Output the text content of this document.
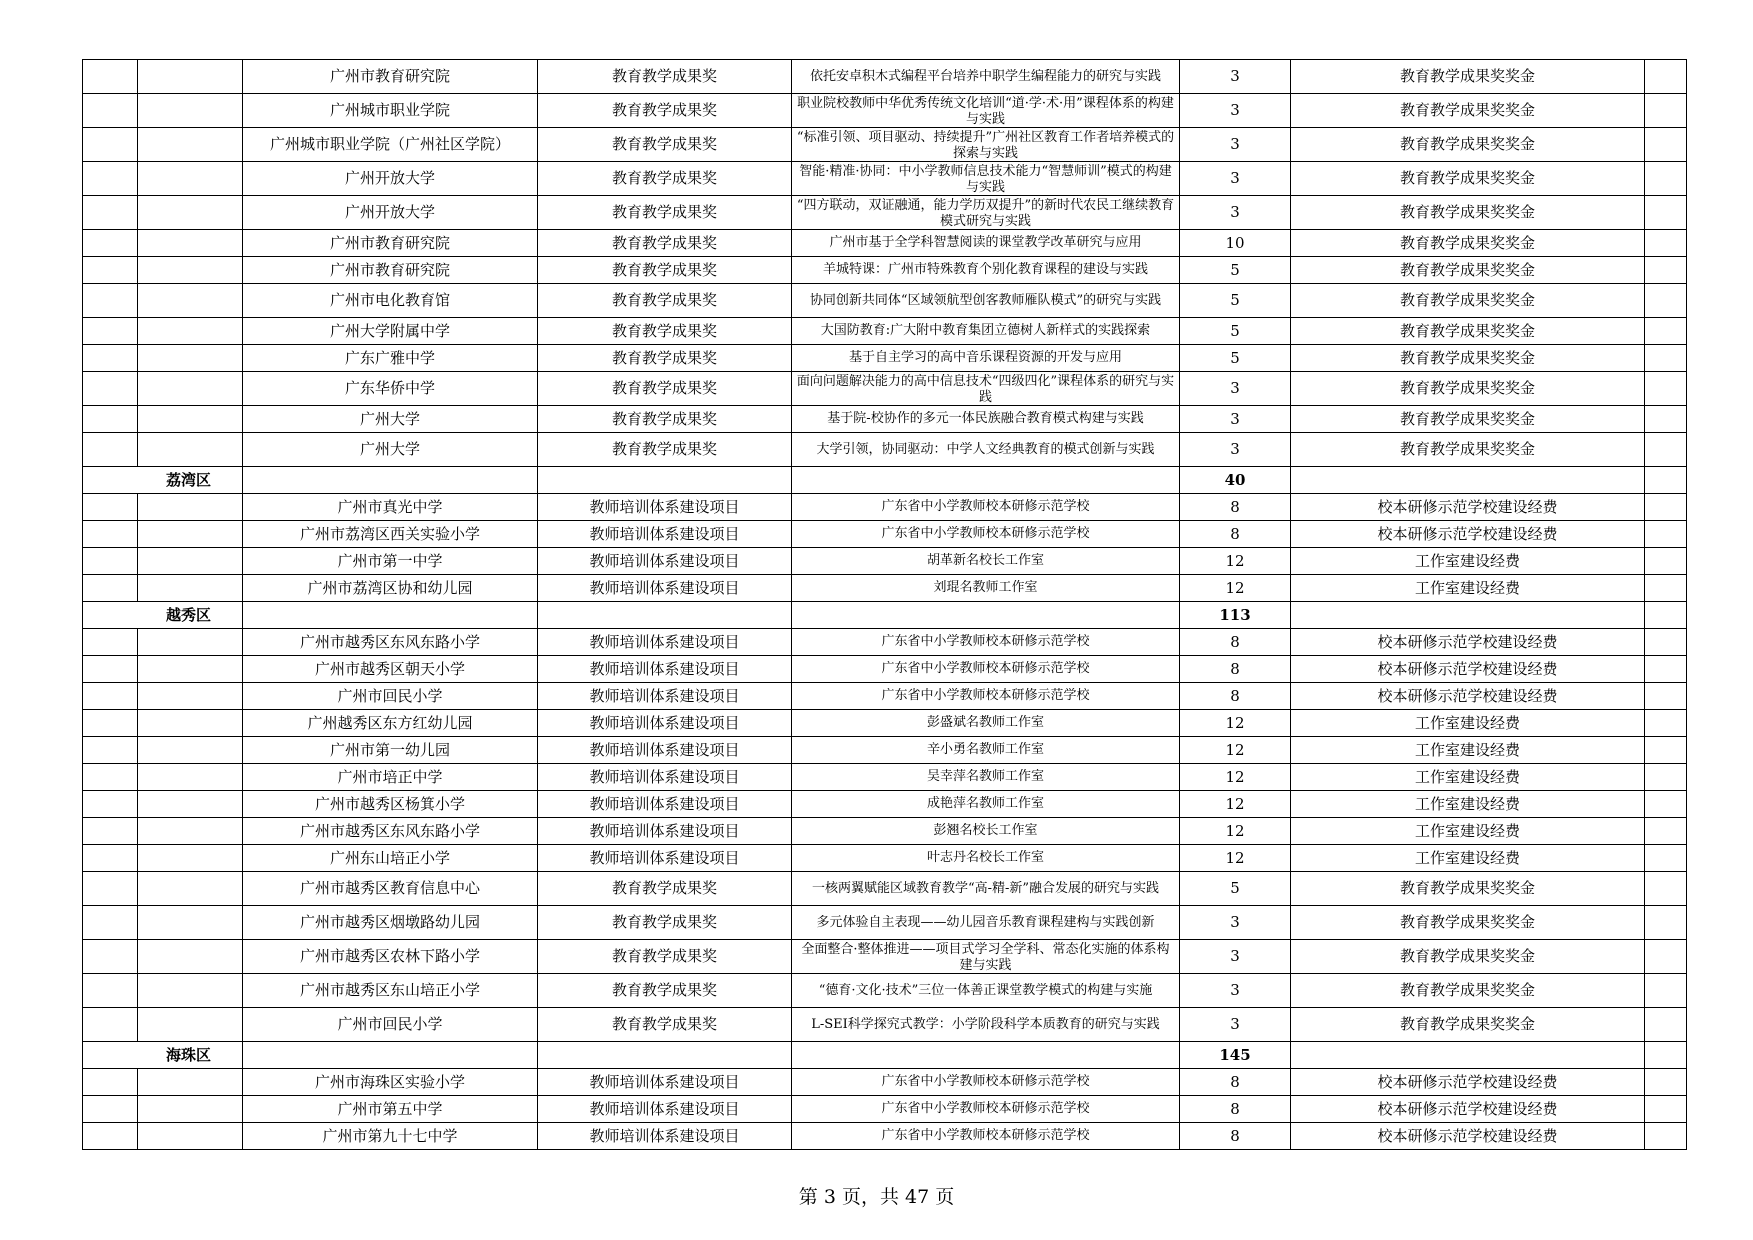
		广州市教育研究院	教育教学成果奖	依托安卓积木式编程平台培养中职学生编程能力的研究与实践	3	教育教学成果奖奖金	
		广州城市职业学院	教育教学成果奖	职业院校教师中华优秀传统文化培训“道·学·术·用”课程体系的构建与实践	3	教育教学成果奖奖金	
		广州城市职业学院（广州社区学院）	教育教学成果奖	“标准引领、项目驱动、持续提升”广州社区教育工作者培养模式的探索与实践	3	教育教学成果奖奖金	
		广州开放大学	教育教学成果奖	智能·精准·协同：中小学教师信息技术能力“智慧师训”模式的构建与实践	3	教育教学成果奖奖金	
		广州开放大学	教育教学成果奖	“四方联动，双证融通，能力学历双提升”的新时代农民工继续教育模式研究与实践	3	教育教学成果奖奖金	
		广州市教育研究院	教育教学成果奖	广州市基于全学科智慧阅读的课堂教学改革研究与应用	10	教育教学成果奖奖金	
		广州市教育研究院	教育教学成果奖	羊城特课：广州市特殊教育个别化教育课程的建设与实践	5	教育教学成果奖奖金	
		广州市电化教育馆	教育教学成果奖	协同创新共同体“区域领航型创客教师雁队模式”的研究与实践	5	教育教学成果奖奖金	
		广州大学附属中学	教育教学成果奖	大国防教育:广大附中教育集团立德树人新样式的实践探索	5	教育教学成果奖奖金	
		广东广雅中学	教育教学成果奖	基于自主学习的高中音乐课程资源的开发与应用	5	教育教学成果奖奖金	
		广东华侨中学	教育教学成果奖	面向问题解决能力的高中信息技术“四级四化”课程体系的研究与实践	3	教育教学成果奖奖金	
		广州大学	教育教学成果奖	基于院-校协作的多元一体民族融合教育模式构建与实践	3	教育教学成果奖奖金	
		广州大学	教育教学成果奖	大学引领，协同驱动：中学人文经典教育的模式创新与实践	3	教育教学成果奖奖金	
荔湾区					40		
		广州市真光中学	教师培训体系建设项目	广东省中小学教师校本研修示范学校	8	校本研修示范学校建设经费	
		广州市荔湾区西关实验小学	教师培训体系建设项目	广东省中小学教师校本研修示范学校	8	校本研修示范学校建设经费	
		广州市第一中学	教师培训体系建设项目	胡革新名校长工作室	12	工作室建设经费	
		广州市荔湾区协和幼儿园	教师培训体系建设项目	刘琨名教师工作室	12	工作室建设经费	
越秀区					113		
		广州市越秀区东风东路小学	教师培训体系建设项目	广东省中小学教师校本研修示范学校	8	校本研修示范学校建设经费	
		广州市越秀区朝天小学	教师培训体系建设项目	广东省中小学教师校本研修示范学校	8	校本研修示范学校建设经费	
		广州市回民小学	教师培训体系建设项目	广东省中小学教师校本研修示范学校	8	校本研修示范学校建设经费	
		广州越秀区东方红幼儿园	教师培训体系建设项目	彭盛斌名教师工作室	12	工作室建设经费	
		广州市第一幼儿园	教师培训体系建设项目	辛小勇名教师工作室	12	工作室建设经费	
		广州市培正中学	教师培训体系建设项目	吴幸萍名教师工作室	12	工作室建设经费	
		广州市越秀区杨箕小学	教师培训体系建设项目	成艳萍名教师工作室	12	工作室建设经费	
		广州市越秀区东风东路小学	教师培训体系建设项目	彭翘名校长工作室	12	工作室建设经费	
		广州东山培正小学	教师培训体系建设项目	叶志丹名校长工作室	12	工作室建设经费	
		广州市越秀区教育信息中心	教育教学成果奖	一核两翼赋能区域教育教学“高-精-新”融合发展的研究与实践	5	教育教学成果奖奖金	
		广州市越秀区烟墩路幼儿园	教育教学成果奖	多元体验自主表现——幼儿园音乐教育课程建构与实践创新	3	教育教学成果奖奖金	
		广州市越秀区农林下路小学	教育教学成果奖	全面整合·整体推进——项目式学习全学科、常态化实施的体系构建与实践	3	教育教学成果奖奖金	
		广州市越秀区东山培正小学	教育教学成果奖	“德育·文化·技术”三位一体善正课堂教学模式的构建与实施	3	教育教学成果奖奖金	
		广州市回民小学	教育教学成果奖	L-SEI科学探究式教学：小学阶段科学本质教育的研究与实践	3	教育教学成果奖奖金	
海珠区					145		
		广州市海珠区实验小学	教师培训体系建设项目	广东省中小学教师校本研修示范学校	8	校本研修示范学校建设经费	
		广州市第五中学	教师培训体系建设项目	广东省中小学教师校本研修示范学校	8	校本研修示范学校建设经费	
		广州市第九十七中学	教师培训体系建设项目	广东省中小学教师校本研修示范学校	8	校本研修示范学校建设经费	
第 3 页，共 47 页
